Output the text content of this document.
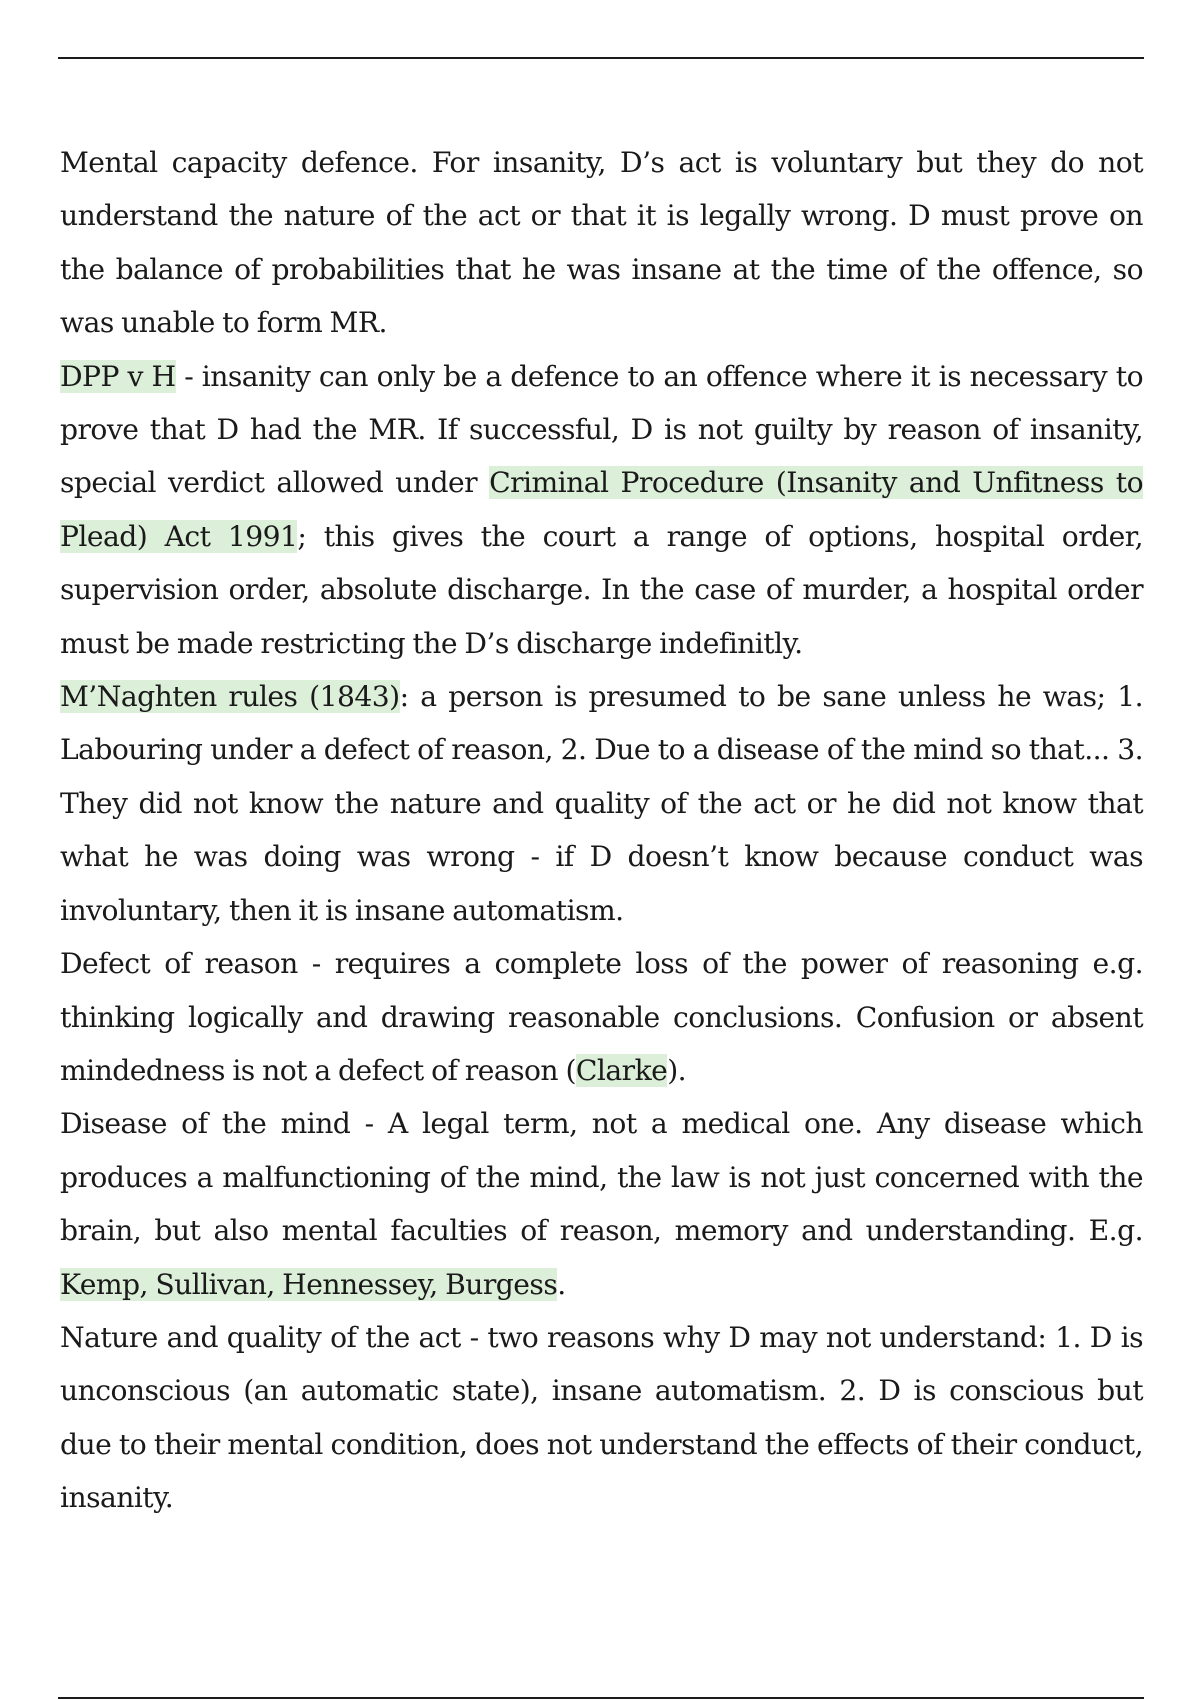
Mental capacity defence. For insanity, D’s act is voluntary but they do not understand the nature of the act or that it is legally wrong. D must prove on the balance of probabilities that he was insane at the time of the offence, so was unable to form MR.

DPP v H - insanity can only be a defence to an offence where it is necessary to prove that D had the MR. If successful, D is not guilty by reason of insanity, special verdict allowed under Criminal Procedure (Insanity and Unfitness to Plead) Act 1991; this gives the court a range of options, hospital order, supervision order, absolute discharge. In the case of murder, a hospital order must be made restricting the D’s discharge indefinitly.

M’Naghten rules (1843): a person is presumed to be sane unless he was; 1. Labouring under a defect of reason, 2. Due to a disease of the mind so that... 3. They did not know the nature and quality of the act or he did not know that what he was doing was wrong - if D doesn’t know because conduct was involuntary, then it is insane automatism.

Defect of reason - requires a complete loss of the power of reasoning e.g. thinking logically and drawing reasonable conclusions. Confusion or absent mindedness is not a defect of reason (Clarke).

Disease of the mind - A legal term, not a medical one. Any disease which produces a malfunctioning of the mind, the law is not just concerned with the brain, but also mental faculties of reason, memory and understanding. E.g. Kemp, Sullivan, Hennessey, Burgess.

Nature and quality of the act - two reasons why D may not understand: 1. D is unconscious (an automatic state), insane automatism. 2. D is conscious but due to their mental condition, does not understand the effects of their conduct, insanity.
